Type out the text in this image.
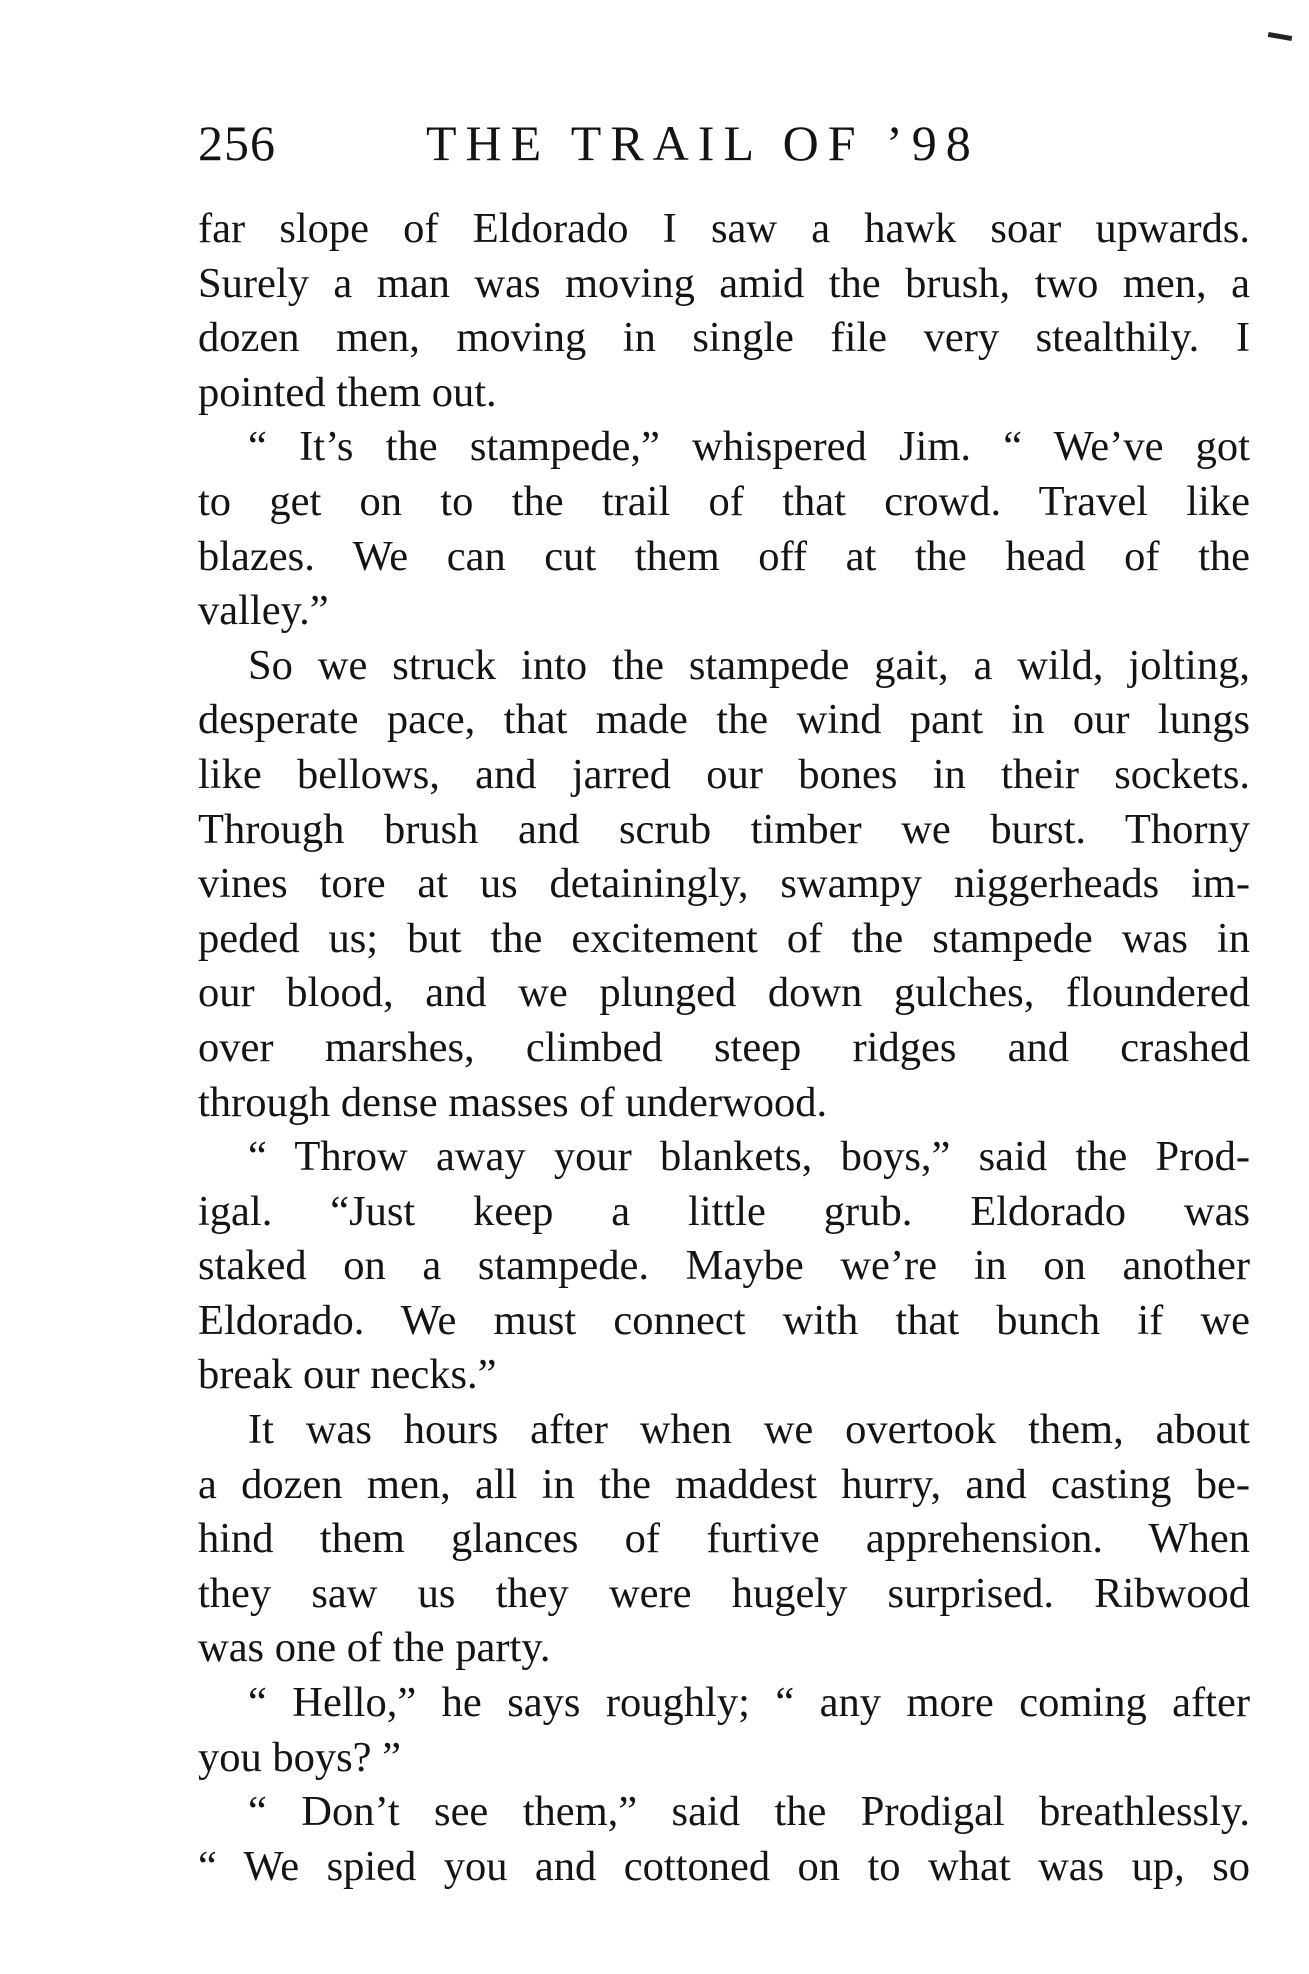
256	THE TRAIL OF ’98
far slope of Eldorado I saw a hawk soar upwards.
Surely a man was moving amid the brush, two men, a
dozen men, moving in single file very stealthily. I
pointed them out.
“ It’s the stampede,” whispered Jim. “ We’ve got
to get on to the trail of that crowd. Travel like
blazes. We can cut them off at the head of the
valley.”
So we struck into the stampede gait, a wild, jolting,
desperate pace, that made the wind pant in our lungs
like bellows, and jarred our bones in their sockets.
Through brush and scrub timber we burst. Thorny
vines tore at us detainingly, swampy niggerheads im-
peded us; but the excitement of the stampede was in
our blood, and we plunged down gulches, floundered
over marshes, climbed steep ridges and crashed
through dense masses of underwood.
“ Throw away your blankets, boys,” said the Prod-
igal. “Just keep a little grub. Eldorado was
staked on a stampede. Maybe we’re in on another
Eldorado. We must connect with that bunch if we
break our necks.”
It was hours after when we overtook them, about
a dozen men, all in the maddest hurry, and casting be-
hind them glances of furtive apprehension. When
they saw us they were hugely surprised. Ribwood
was one of the party.
“ Hello,” he says roughly; “ any more coming after
you boys? ”
“ Don’t see them,” said the Prodigal breathlessly.
“ We spied you and cottoned on to what was up, so
